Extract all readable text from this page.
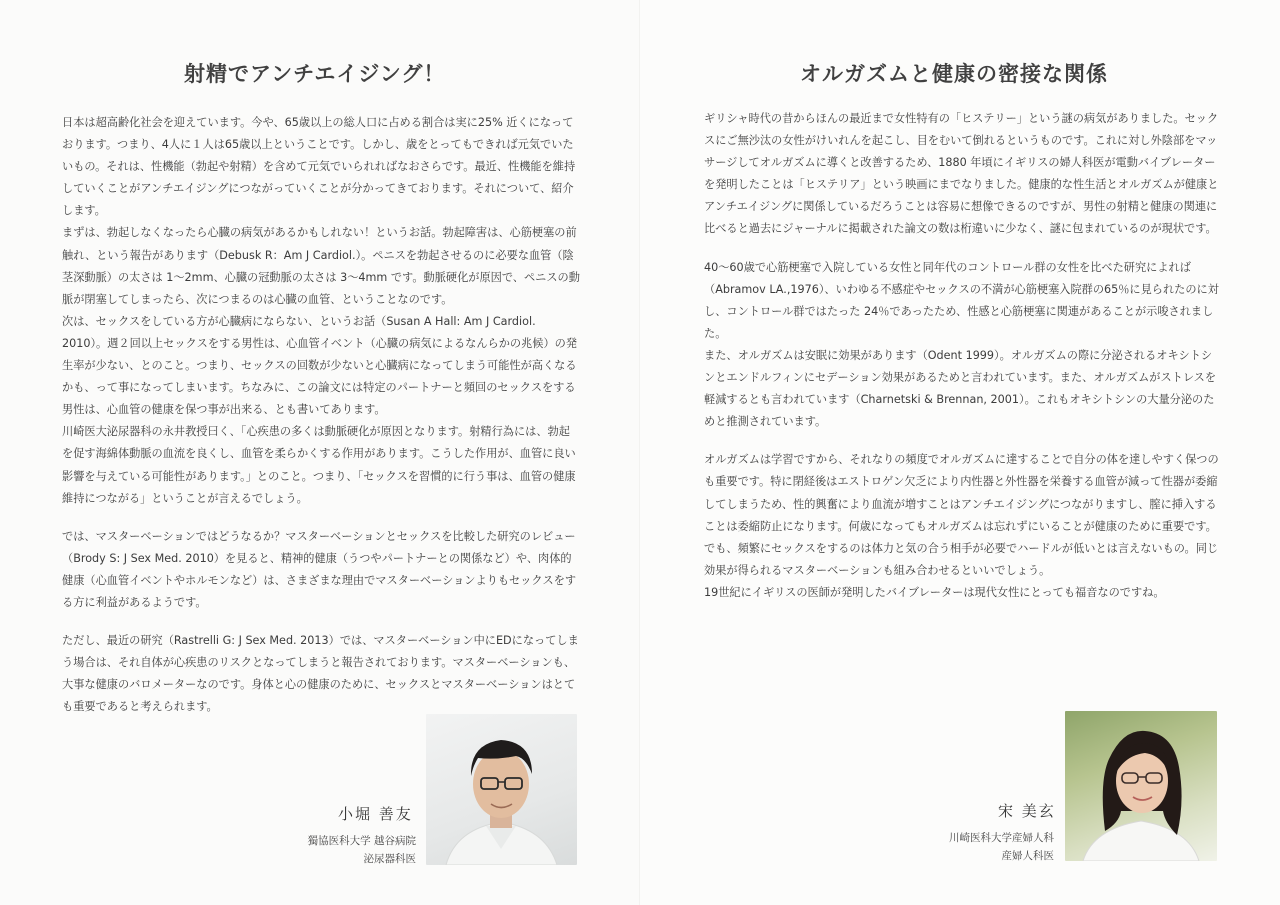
射精でアンチエイジング！

日本は超高齢化社会を迎えています。今や、65歳以上の総人口に占める割合は実に25% 近くになっております。つまり、4人に１人は65歳以上ということです。しかし、歳をとってもできれば元気でいたいもの。それは、性機能（勃起や射精）を含めて元気でいられればなおさらです。最近、性機能を維持していくことがアンチエイジングにつながっていくことが分かってきております。それについて、紹介します。

まずは、勃起しなくなったら心臓の病気があるかもしれない！というお話。勃起障害は、心筋梗塞の前触れ、という報告があります（Debusk R：Am J Cardiol.）。ペニスを勃起させるのに必要な血管（陰茎深動脈）の太さは 1〜2mm、心臓の冠動脈の太さは 3〜4mm です。動脈硬化が原因で、ペニスの動脈が閉塞してしまったら、次につまるのは心臓の血管、ということなのです。

次は、セックスをしている方が心臓病にならない、というお話（Susan A Hall: Am J Cardiol. 2010）。週２回以上セックスをする男性は、心血管イベント（心臓の病気によるなんらかの兆候）の発生率が少ない、とのこと。つまり、セックスの回数が少ないと心臓病になってしまう可能性が高くなるかも、って事になってしまいます。ちなみに、この論文には特定のパートナーと頻回のセックスをする男性は、心血管の健康を保つ事が出来る、とも書いてあります。

川崎医大泌尿器科の永井教授曰く、「心疾患の多くは動脈硬化が原因となります。射精行為には、勃起を促す海綿体動脈の血流を良くし、血管を柔らかくする作用があります。こうした作用が、血管に良い影響を与えている可能性があります。」とのこと。つまり、「セックスを習慣的に行う事は、血管の健康維持につながる」ということが言えるでしょう。

では、マスターベーションではどうなるか？マスターベーションとセックスを比較した研究のレビュー（Brody S: J Sex Med. 2010）を見ると、精神的健康（うつやパートナーとの関係など）や、肉体的健康（心血管イベントやホルモンなど）は、さまざまな理由でマスターベーションよりもセックスをする方に利益があるようです。

ただし、最近の研究（Rastrelli G: J Sex Med. 2013）では、マスターベーション中にEDになってしまう場合は、それ自体が心疾患のリスクとなってしまうと報告されております。マスターベーションも、大事な健康のバロメーターなのです。身体と心の健康のために、セックスとマスターベーションはとても重要であると考えられます。

小堀 善友
獨協医科大学 越谷病院
泌尿器科医
オルガズムと健康の密接な関係

ギリシャ時代の昔からほんの最近まで女性特有の「ヒステリー」という謎の病気がありました。セックスにご無沙汰の女性がけいれんを起こし、目をむいて倒れるというものです。これに対し外陰部をマッサージしてオルガズムに導くと改善するため、1880 年頃にイギリスの婦人科医が電動バイブレーターを発明したことは「ヒステリア」という映画にまでなりました。健康的な性生活とオルガズムが健康とアンチエイジングに関係しているだろうことは容易に想像できるのですが、男性の射精と健康の関連に比べると過去にジャーナルに掲載された論文の数は桁違いに少なく、謎に包まれているのが現状です。

40〜60歳で心筋梗塞で入院している女性と同年代のコントロール群の女性を比べた研究によれば（Abramov LA.,1976）、いわゆる不感症やセックスの不満が心筋梗塞入院群の65％に見られたのに対し、コントロール群ではたった 24％であったため、性感と心筋梗塞に関連があることが示唆されました。

また、オルガズムは安眠に効果があります（Odent 1999）。オルガズムの際に分泌されるオキシトシンとエンドルフィンにセデーション効果があるためと言われています。また、オルガズムがストレスを軽減するとも言われています（Charnetski & Brennan, 2001）。これもオキシトシンの大量分泌のためと推測されています。

オルガズムは学習ですから、それなりの頻度でオルガズムに達することで自分の体を達しやすく保つのも重要です。特に閉経後はエストロゲン欠乏により内性器と外性器を栄養する血管が減って性器が委縮してしまうため、性的興奮により血流が増すことはアンチエイジングにつながりますし、膣に挿入することは委縮防止になります。何歳になってもオルガズムは忘れずにいることが健康のために重要です。

でも、頻繁にセックスをするのは体力と気の合う相手が必要でハードルが低いとは言えないもの。同じ効果が得られるマスターベーションも組み合わせるといいでしょう。

19世紀にイギリスの医師が発明したバイブレーターは現代女性にとっても福音なのですね。

宋 美玄
川崎医科大学産婦人科
産婦人科医
